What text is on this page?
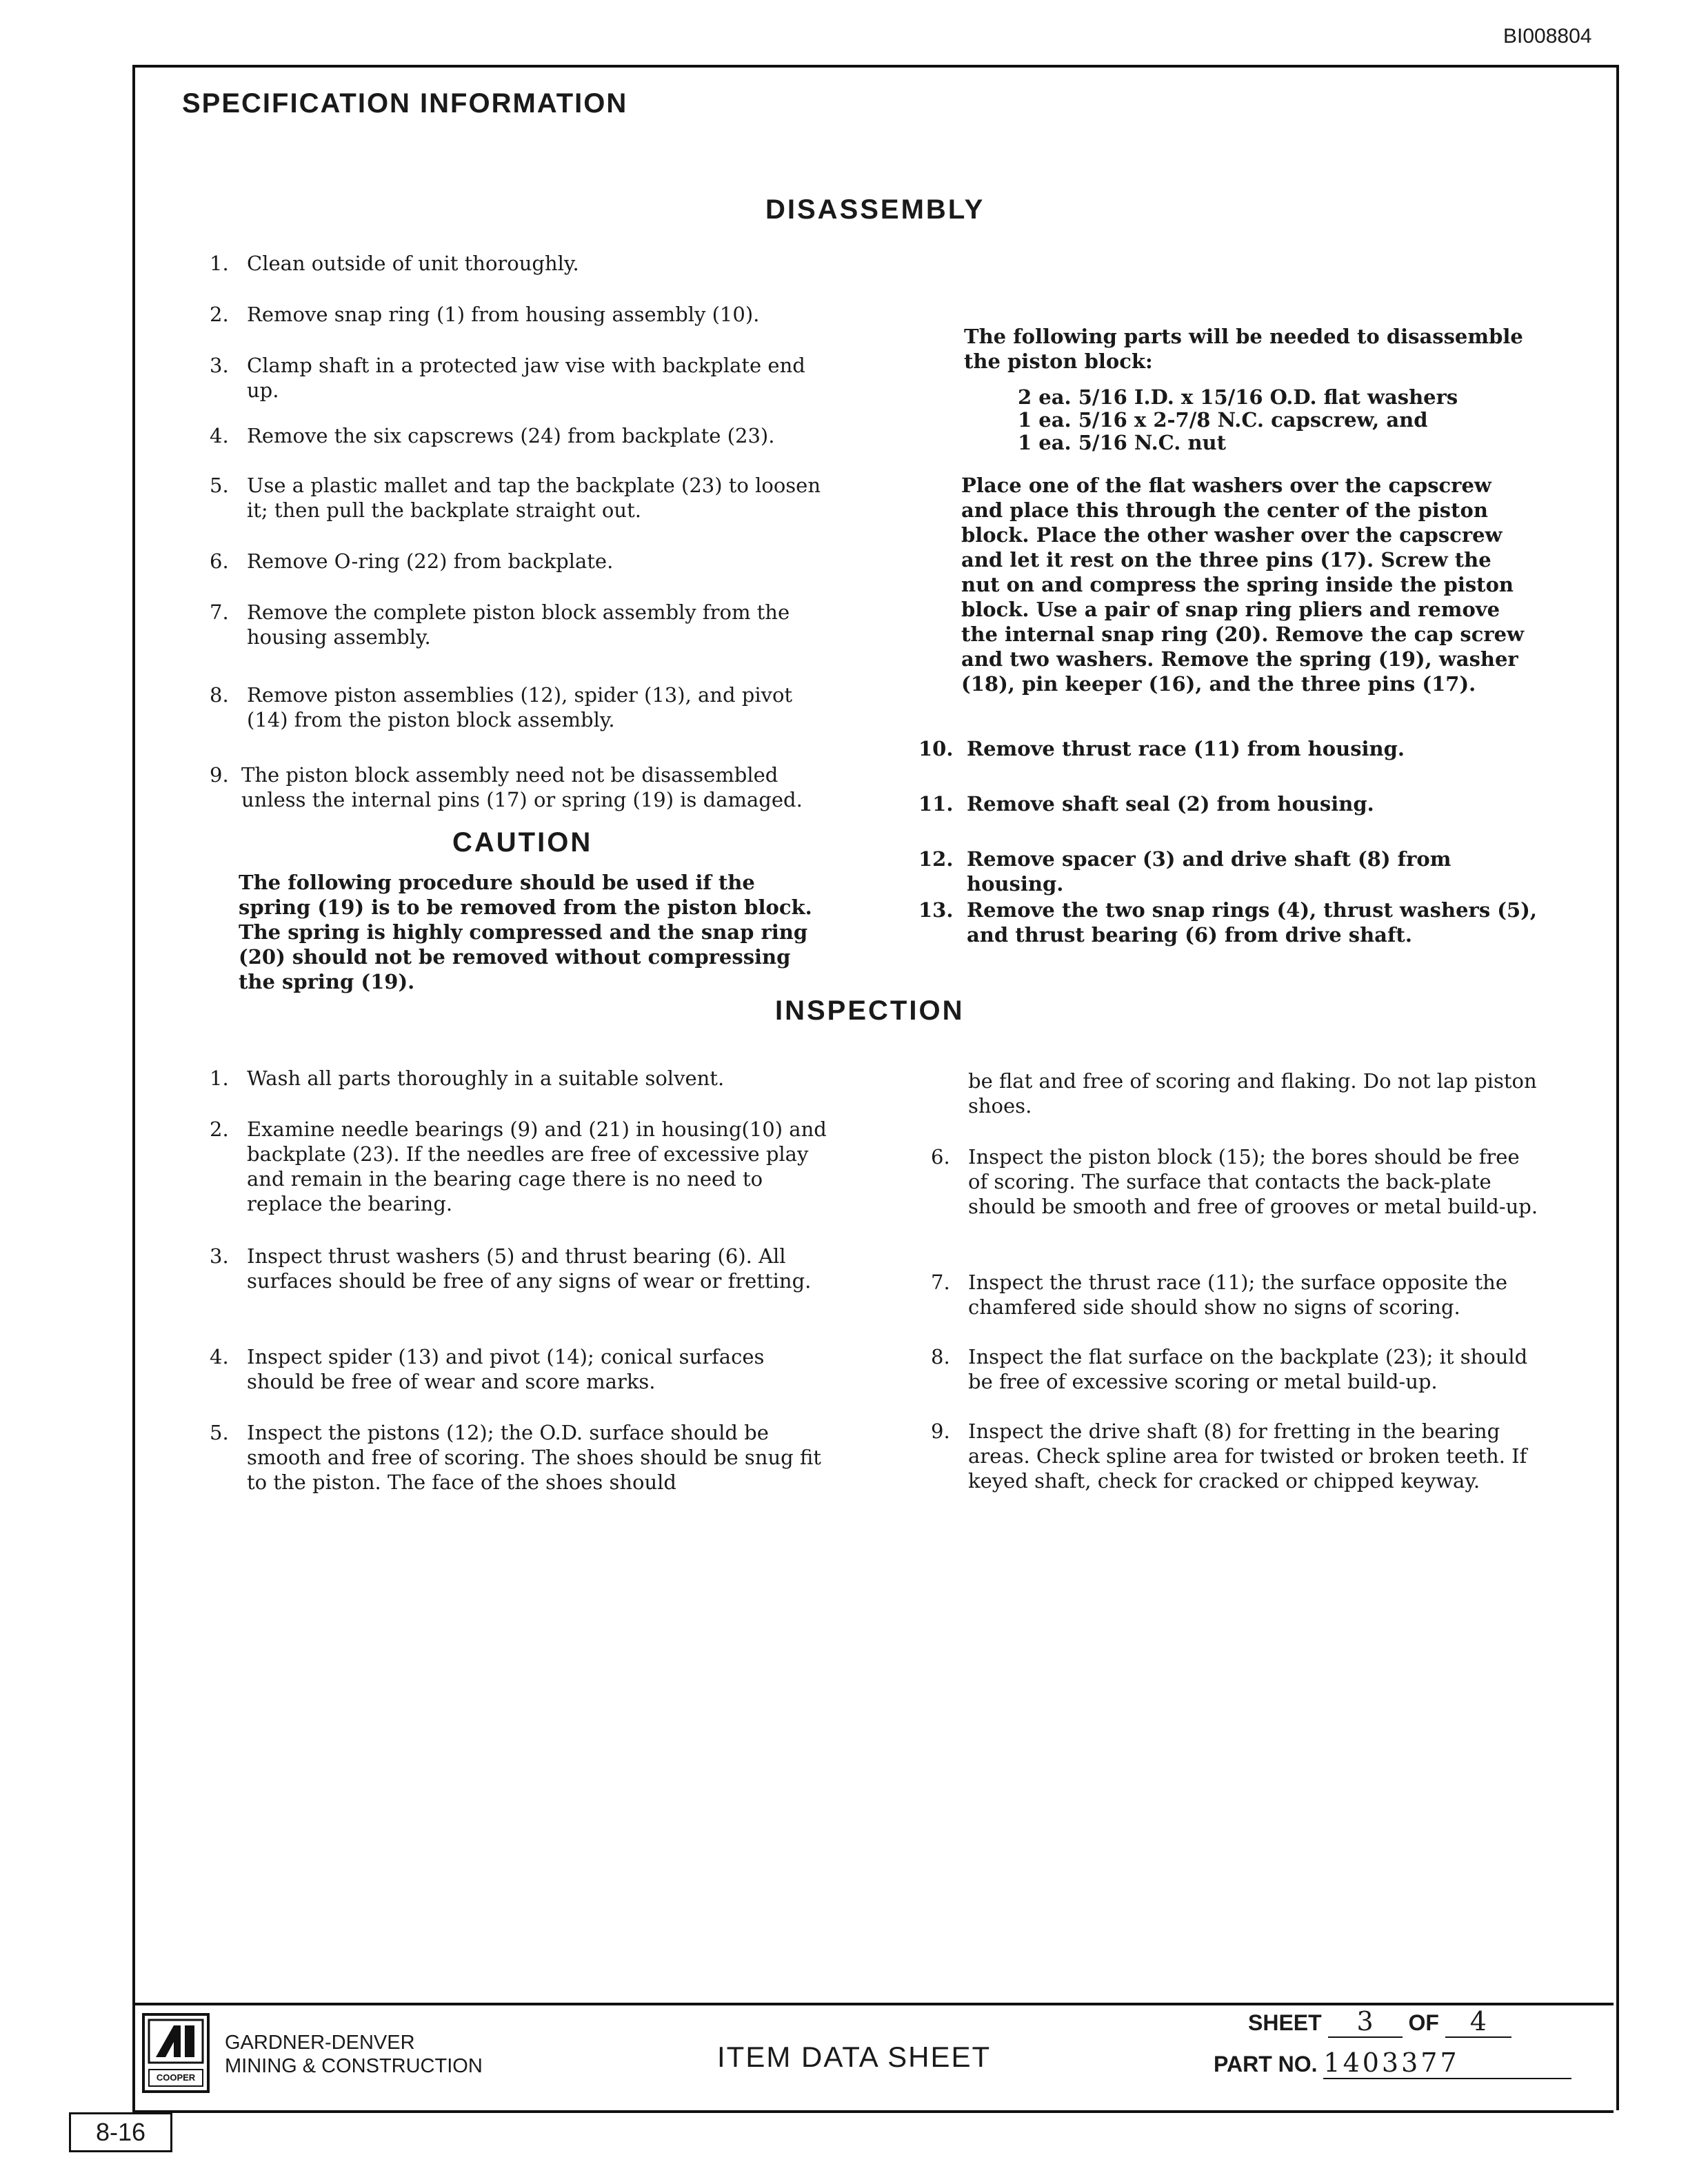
BI008804
SPECIFICATION INFORMATION
DISASSEMBLY
1. Clean outside of unit thoroughly.
2. Remove snap ring (1) from housing assembly (10).
3. Clamp shaft in a protected jaw vise with backplate end up.
4. Remove the six capscrews (24) from backplate (23).
5. Use a plastic mallet and tap the backplate (23) to loosen it; then pull the backplate straight out.
6. Remove O-ring (22) from backplate.
7. Remove the complete piston block assembly from the housing assembly.
8. Remove piston assemblies (12), spider (13), and pivot (14) from the piston block assembly.
9. The piston block assembly need not be disassembled unless the internal pins (17) or spring (19) is damaged.
CAUTION
The following procedure should be used if the spring (19) is to be removed from the piston block. The spring is highly compressed and the snap ring (20) should not be removed without compressing the spring (19).
The following parts will be needed to disassemble the piston block:
2 ea. 5/16 I.D. x 15/16 O.D. flat washers
1 ea. 5/16 x 2-7/8 N.C. capscrew, and
1 ea. 5/16 N.C. nut
Place one of the flat washers over the capscrew and place this through the center of the piston block. Place the other washer over the capscrew and let it rest on the three pins (17). Screw the nut on and compress the spring inside the piston block. Use a pair of snap ring pliers and remove the internal snap ring (20). Remove the cap screw and two washers. Remove the spring (19), washer (18), pin keeper (16), and the three pins (17).
10. Remove thrust race (11) from housing.
11. Remove shaft seal (2) from housing.
12. Remove spacer (3) and drive shaft (8) from housing.
13. Remove the two snap rings (4), thrust washers (5), and thrust bearing (6) from drive shaft.
INSPECTION
1. Wash all parts thoroughly in a suitable solvent.
2. Examine needle bearings (9) and (21) in housing(10) and backplate (23). If the needles are free of excessive play and remain in the bearing cage there is no need to replace the bearing.
3. Inspect thrust washers (5) and thrust bearing (6). All surfaces should be free of any signs of wear or fretting.
4. Inspect spider (13) and pivot (14); conical surfaces should be free of wear and score marks.
5. Inspect the pistons (12); the O.D. surface should be smooth and free of scoring. The shoes should be snug fit to the piston. The face of the shoes should
be flat and free of scoring and flaking. Do not lap piston shoes.
6. Inspect the piston block (15); the bores should be free of scoring. The surface that contacts the back-plate should be smooth and free of grooves or metal build-up.
7. Inspect the thrust race (11); the surface opposite the chamfered side should show no signs of scoring.
8. Inspect the flat surface on the backplate (23); it should be free of excessive scoring or metal build-up.
9. Inspect the drive shaft (8) for fretting in the bearing areas. Check spline area for twisted or broken teeth. If keyed shaft, check for cracked or chipped keyway.
COOPER
GARDNER-DENVER
MINING & CONSTRUCTION	ITEM DATA SHEET
SHEET 3 OF 4
PART NO. 1403377
8-16
